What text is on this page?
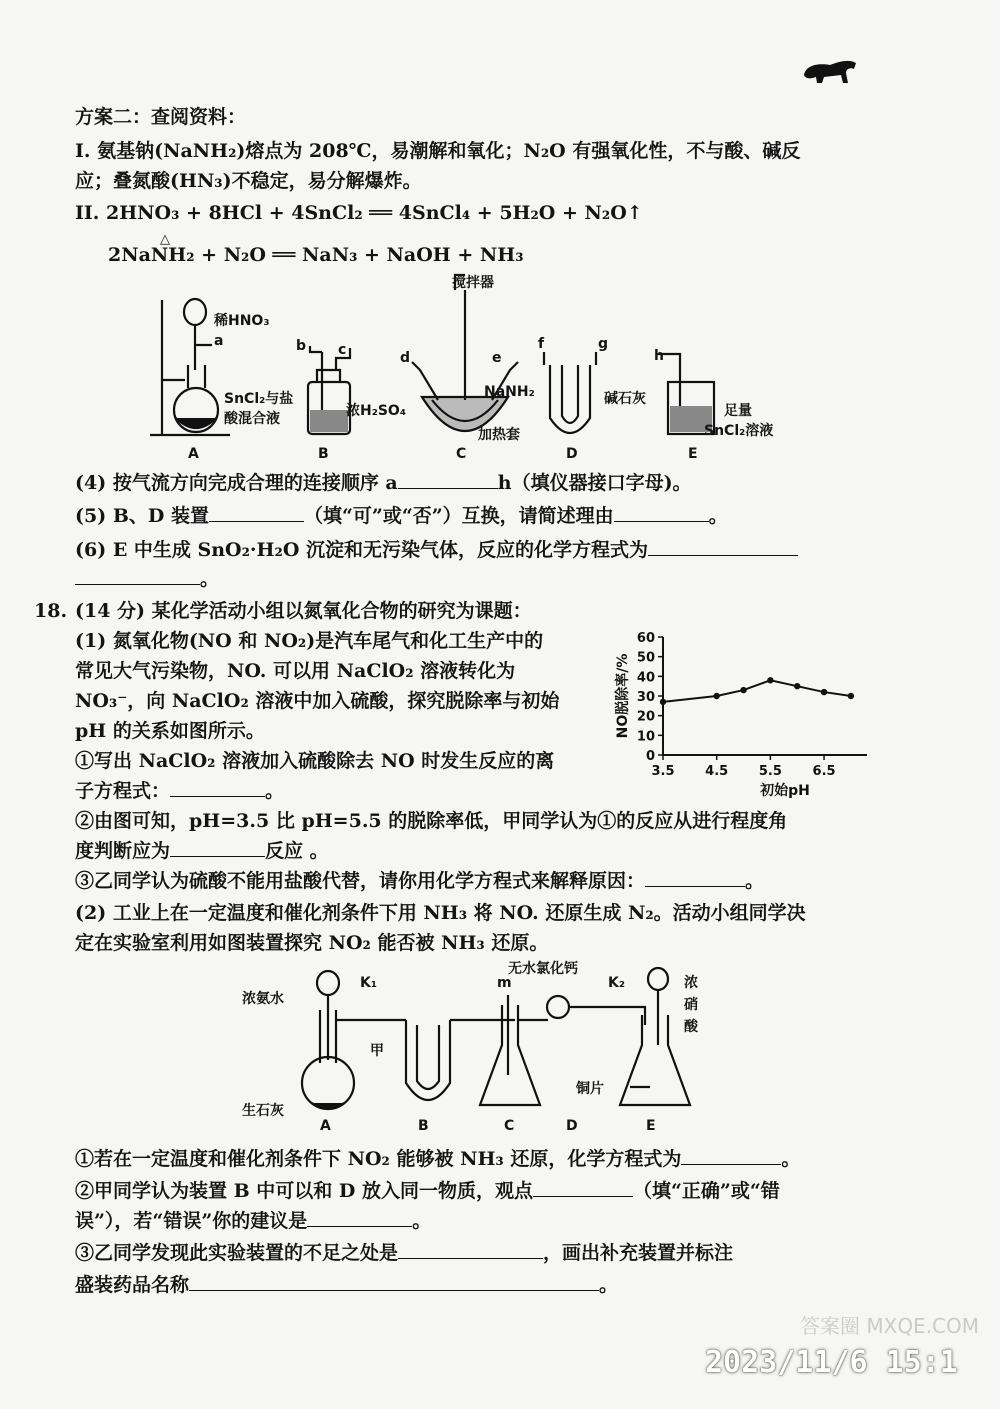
方案二：查阅资料：
I. 氨基钠(NaNH₂)熔点为 208℃，易潮解和氧化；N₂O 有强氧化性，不与酸、碱反
应；叠氮酸(HN₃)不稳定，易分解爆炸。
II. 2HNO₃ + 8HCl + 4SnCl₂ ══ 4SnCl₄ + 5H₂O + N₂O↑
△
2NaNH₂ + N₂O ══ NaN₃ + NaOH + NH₃
稀HNO₃
a
SnCl₂与盐
酸混合液
A
b c
浓H₂SO₄
B
搅拌器
d	e
NaNH₂
加热套
C
f	g
碱石灰
D
h
足量
SnCl₂溶液
E
(4) 按气流方向完成合理的连接顺序 a	h（填仪器接口字母)。
(5) B、D 装置	（填“可”或“否”）互换，请简述理由	。
(6) E 中生成 SnO₂·H₂O 沉淀和无污染气体，反应的化学方程式为
。
18. (14 分) 某化学活动小组以氮氧化合物的研究为课题：
(1) 氮氧化物(NO 和 NO₂)是汽车尾气和化工生产中的
常见大气污染物，NO. 可以用 NaClO₂ 溶液转化为
NO₃⁻，向 NaClO₂ 溶液中加入硫酸，探究脱除率与初始
pH 的关系如图所示。
①写出 NaClO₂ 溶液加入硫酸除去 NO 时发生反应的离
子方程式：	。
②由图可知，pH=3.5 比 pH=5.5 的脱除率低，甲同学认为①的反应从进行程度角
度判断应为	反应 。
③乙同学认为硫酸不能用盐酸代替，请你用化学方程式来解释原因：	。
(2) 工业上在一定温度和催化剂条件下用 NH₃ 将 NO. 还原生成 N₂。活动小组同学决
定在实验室利用如图装置探究 NO₂ 能否被 NH₃ 还原。
0
10
20
30
40
50
60
3.5 4.5 5.5 6.5
初始pH
NO脱除率/%
浓氨水
K₁
甲
m
无水氯化钙
K₂	浓
硝
酸
生石灰
铜片
A	B	C	D	E
①若在一定温度和催化剂条件下 NO₂ 能够被 NH₃ 还原，化学方程式为	。
②甲同学认为装置 B 中可以和 D 放入同一物质，观点	（填“正确”或“错
误”），若“错误”你的建议是	。
③乙同学发现此实验装置的不足之处是	，画出补充装置并标注
盛装药品名称	。
2023/11/6 15:1
答案圈 MXQE.COM
